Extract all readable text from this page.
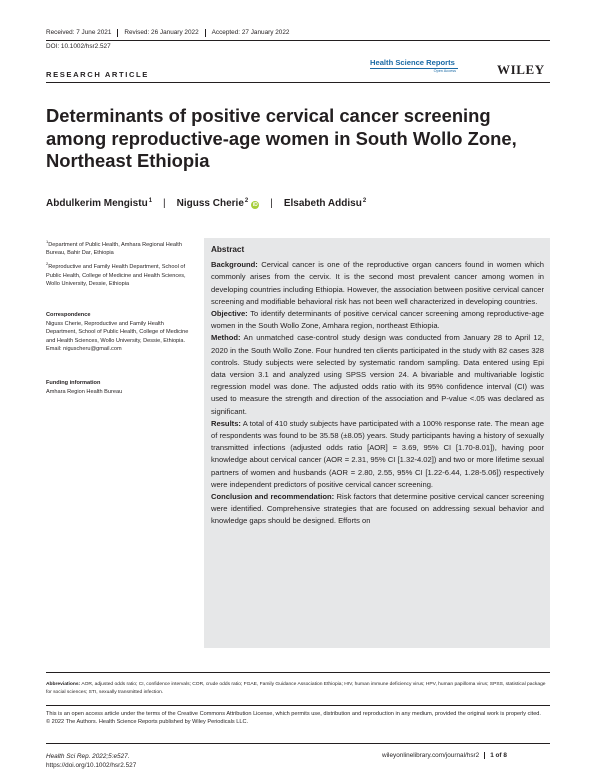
Received: 7 June 2021	Revised: 26 January 2022	Accepted: 27 January 2022
DOI: 10.1002/hsr2.527
RESEARCH ARTICLE
Health Science Reports
Open Access	WILEY
Determinants of positive cervical cancer screening among reproductive-age women in South Wollo Zone, Northeast Ethiopia
Abdulkerim Mengistu$^1$ | Niguss Cherie$^2$iD | Elsabeth Addisu$^2$
$^1$Department of Public Health, Amhara Regional Health Bureau, Bahir Dar, Ethiopia
$^2$Reproductive and Family Health Department, School of Public Health, College of Medicine and Health Sciences, Wollo University, Dessie, Ethiopia
Correspondence
Niguss Cherie, Reproductive and Family Health Department, School of Public Health, College of Medicine and Health Sciences, Wollo University, Dessie, Ethiopia.
Email: niguscheru@gmail.com
Funding information
Amhara Region Health Bureau
Abstract

Background: Cervical cancer is one of the reproductive organ cancers found in women which commonly arises from the cervix. It is the second most prevalent cancer among women in developing countries including Ethiopia. However, the association between positive cervical cancer screening and modifiable behavioral risk has not been well characterized in developing countries.

Objective: To identify determinants of positive cervical cancer screening among reproductive-age women in the South Wollo Zone, Amhara region, northeast Ethiopia.

Method: An unmatched case-control study design was conducted from January 28 to April 12, 2020 in the South Wollo Zone. Four hundred ten clients participated in the study with 82 cases 328 controls. Study subjects were selected by systematic random sampling. Data entered using Epi data version 3.1 and analyzed using SPSS version 24. A bivariable and multivariable logistic regression model was done. The adjusted odds ratio with its 95% confidence interval (CI) was used to measure the strength and direction of the association and P-value <.05 was declared as significant.

Results: A total of 410 study subjects have participated with a 100% response rate. The mean age of respondents was found to be 35.58 (±8.05) years. Study participants having a history of sexually transmitted infections (adjusted odds ratio [AOR] = 3.69, 95% CI [1.70-8.01]), having poor knowledge about cervical cancer (AOR = 2.31, 95% CI [1.32-4.02]) and two or more lifetime sexual partners of women and husbands (AOR = 2.80, 2.55, 95% CI [1.22-6.44, 1.28-5.06]) respectively were independent predictors of positive cervical cancer screening.

Conclusion and recommendation: Risk factors that determine positive cervical cancer screening were identified. Comprehensive strategies that are focused on addressing sexual behavior and knowledge gaps should be designed. Efforts on

Abbreviations: AOR, adjusted odds ratio; CI, confidence intervals; COR, crude odds ratio; FGAE, Family Guidance Association Ethiopia; HIV, human immune deficiency virus; HPV, human papilloma virus; SPSS, statistical package for social sciences; STI, sexually transmitted infection.
This is an open access article under the terms of the Creative Commons Attribution License, which permits use, distribution and reproduction in any medium, provided the original work is properly cited.
© 2022 The Authors. Health Science Reports published by Wiley Periodicals LLC.
Health Sci Rep. 2022;5:e527.
https://doi.org/10.1002/hsr2.527
wileyonlinelibrary.com/journal/hsr2 1 of 8
